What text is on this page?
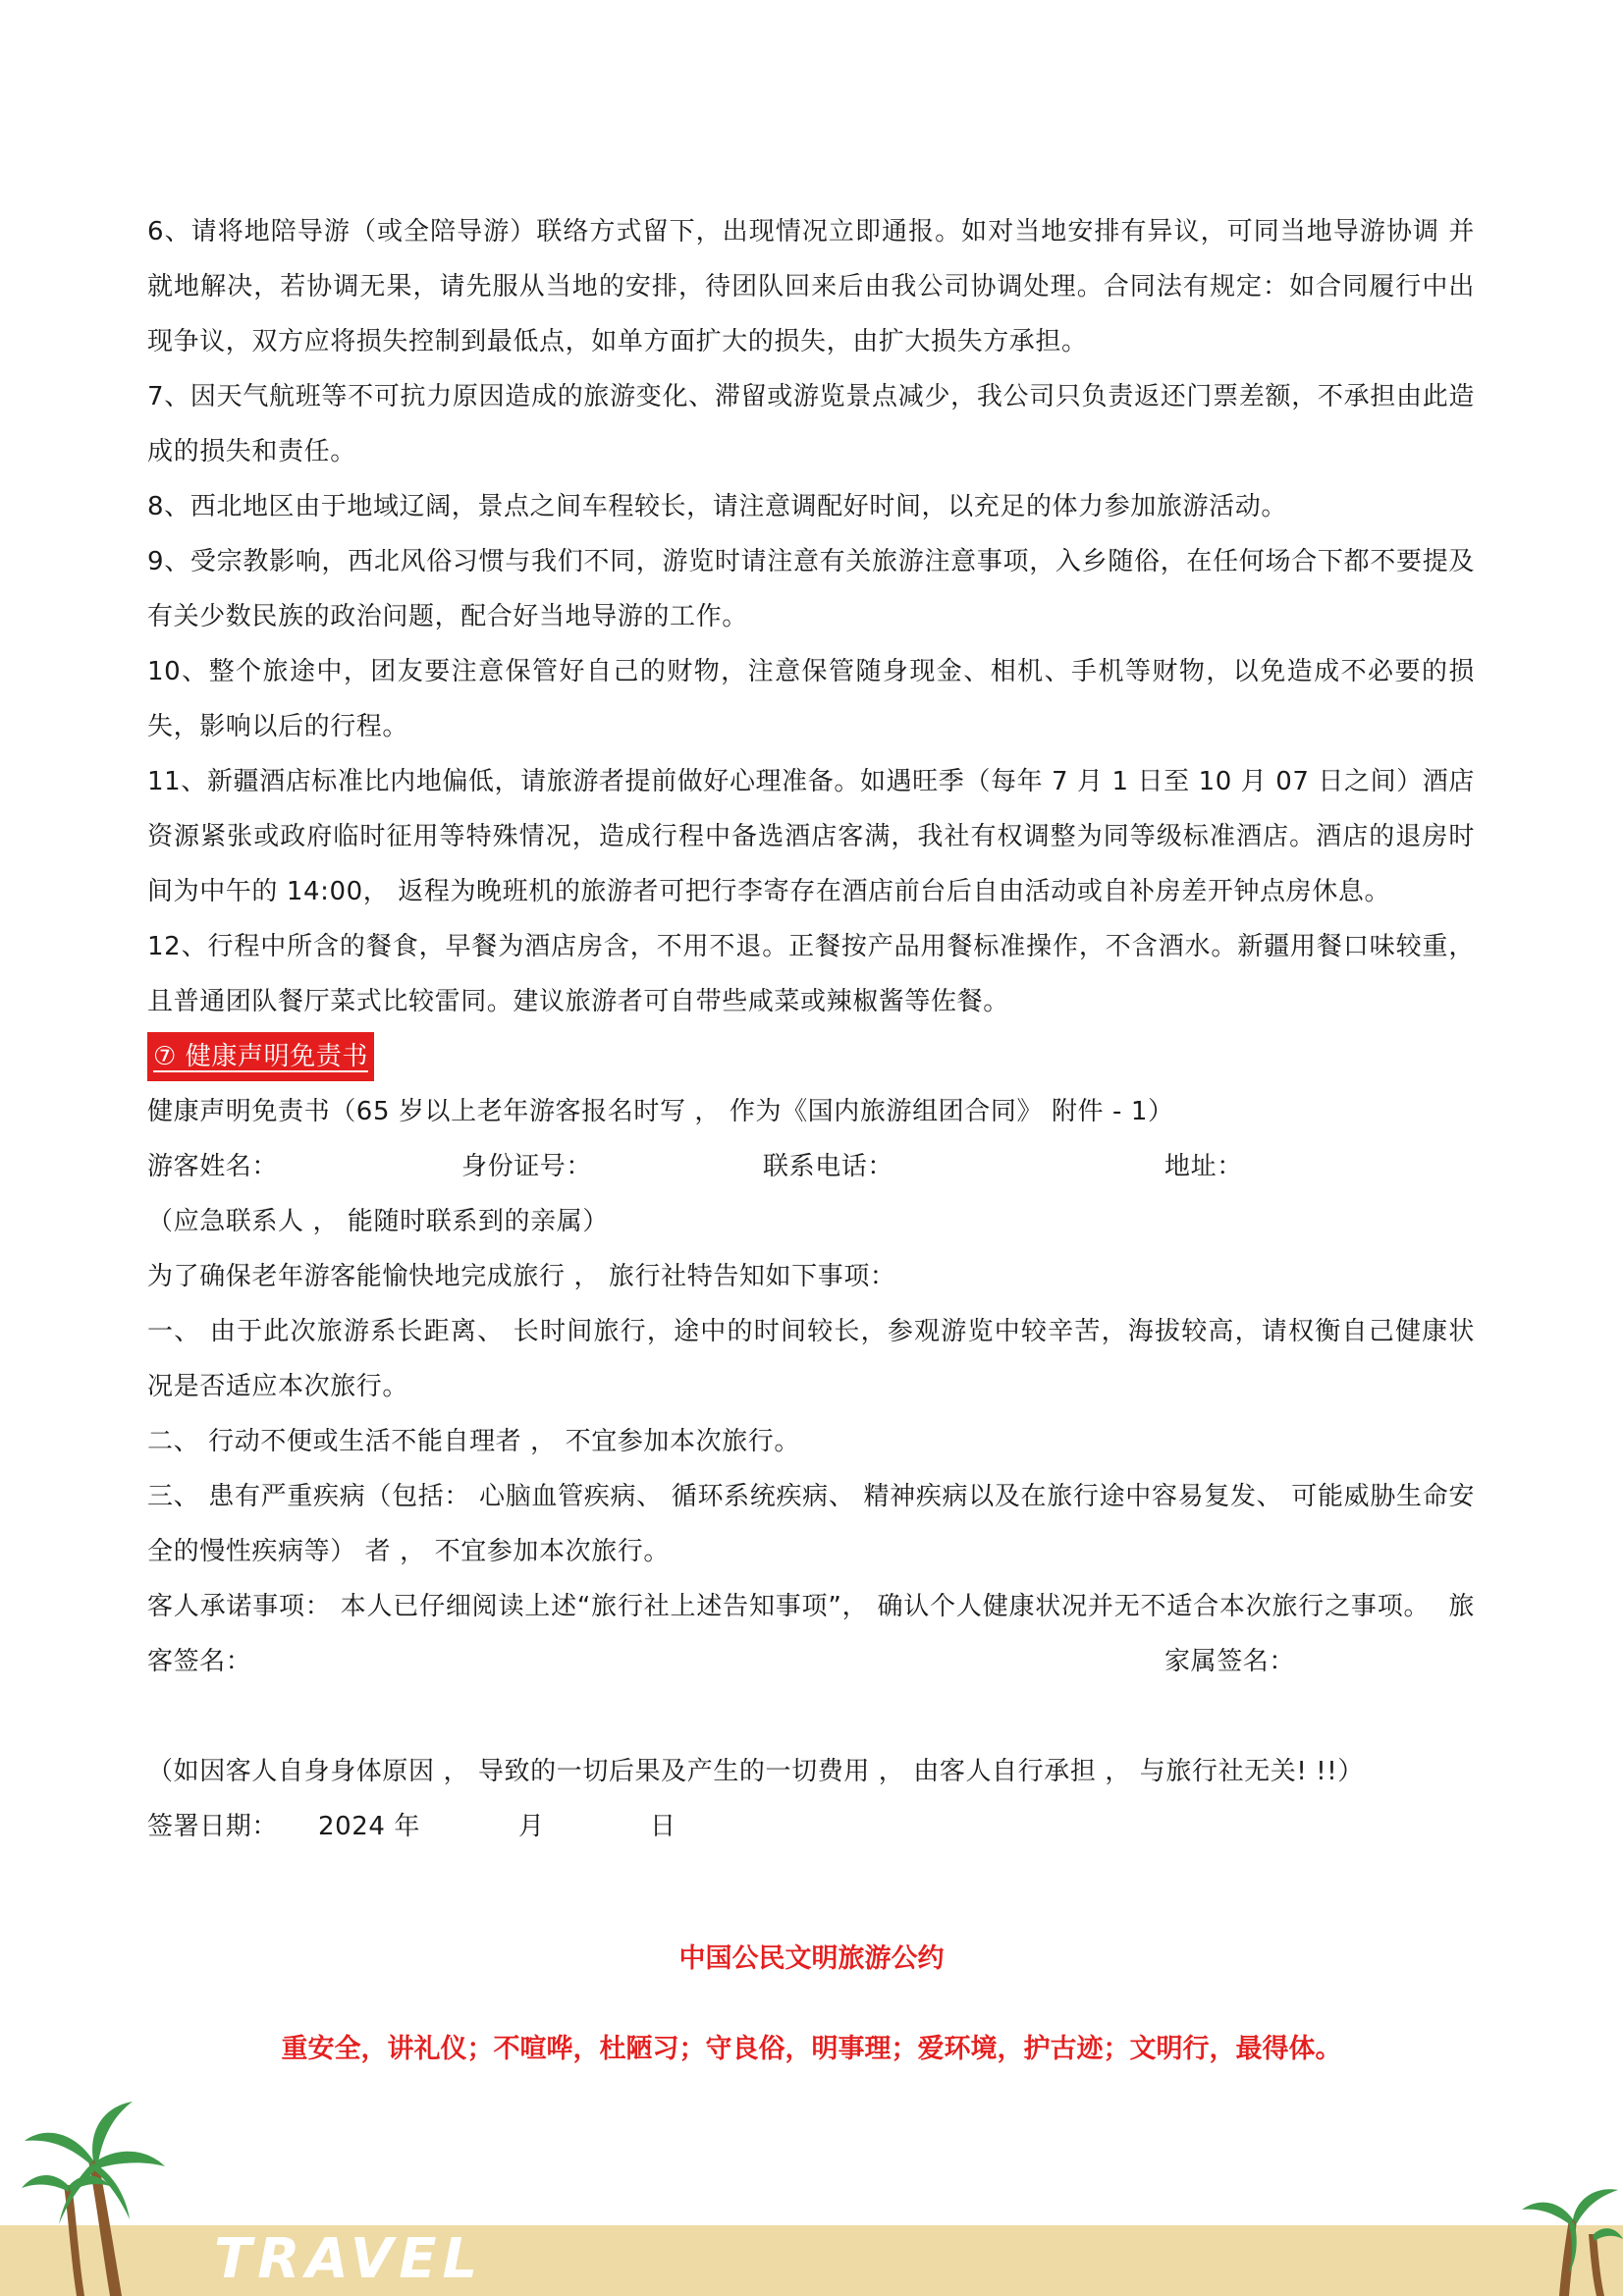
6、请将地陪导游（或全陪导游）联络方式留下，出现情况立即通报。如对当地安排有异议，可同当地导游协调 并就地解决，若协调无果，请先服从当地的安排，待团队回来后由我公司协调处理。合同法有规定：如合同履行中出现争议，双方应将损失控制到最低点，如单方面扩大的损失，由扩大损失方承担。

7、因天气航班等不可抗力原因造成的旅游变化、滞留或游览景点减少，我公司只负责返还门票差额，不承担由此造成的损失和责任。

8、西北地区由于地域辽阔，景点之间车程较长，请注意调配好时间，以充足的体力参加旅游活动。

9、受宗教影响，西北风俗习惯与我们不同，游览时请注意有关旅游注意事项，入乡随俗，在任何场合下都不要提及有关少数民族的政治问题，配合好当地导游的工作。

10、整个旅途中，团友要注意保管好自己的财物，注意保管随身现金、相机、手机等财物，以免造成不必要的损失，影响以后的行程。

11、新疆酒店标准比内地偏低，请旅游者提前做好心理准备。如遇旺季（每年 7 月 1 日至 10 月 07 日之间）酒店资源紧张或政府临时征用等特殊情况，造成行程中备选酒店客满，我社有权调整为同等级标准酒店。酒店的退房时间为中午的 14:00， 返程为晚班机的旅游者可把行李寄存在酒店前台后自由活动或自补房差开钟点房休息。

12、行程中所含的餐食，早餐为酒店房含，不用不退。正餐按产品用餐标准操作，不含酒水。新疆用餐口味较重，且普通团队餐厅菜式比较雷同。建议旅游者可自带些咸菜或辣椒酱等佐餐。

⑦ 健康声明免责书

健康声明免责书（65 岁以上老年游客报名时写 ， 作为《国内旅游组团合同》 附件 - 1）

游客姓名：	身份证号：	联系电话：	地址：

（应急联系人 ， 能随时联系到的亲属）

为了确保老年游客能愉快地完成旅行 ， 旅行社特告知如下事项：

一、 由于此次旅游系长距离、 长时间旅行，途中的时间较长，参观游览中较辛苦，海拔较高，请权衡自己健康状 况是否适应本次旅行。

二、 行动不便或生活不能自理者 ， 不宜参加本次旅行。

三、 患有严重疾病（包括： 心脑血管疾病、 循环系统疾病、 精神疾病以及在旅行途中容易复发、 可能威胁生命安 全的慢性疾病等） 者 ， 不宜参加本次旅行。

客人承诺事项： 本人已仔细阅读上述“旅行社上述告知事项”， 确认个人健康状况并无不适合本次旅行之事项。 旅客签名：	家属签名：

（如因客人自身身体原因 ， 导致的一切后果及产生的一切费用 ， 由客人自行承担 ， 与旅行社无关! !!）

签署日期： 2024 年	月	日
中国公民文明旅游公约
重安全，讲礼仪；不喧哗，杜陋习；守良俗，明事理；爱环境，护古迹；文明行，最得体。
TRAVEL
